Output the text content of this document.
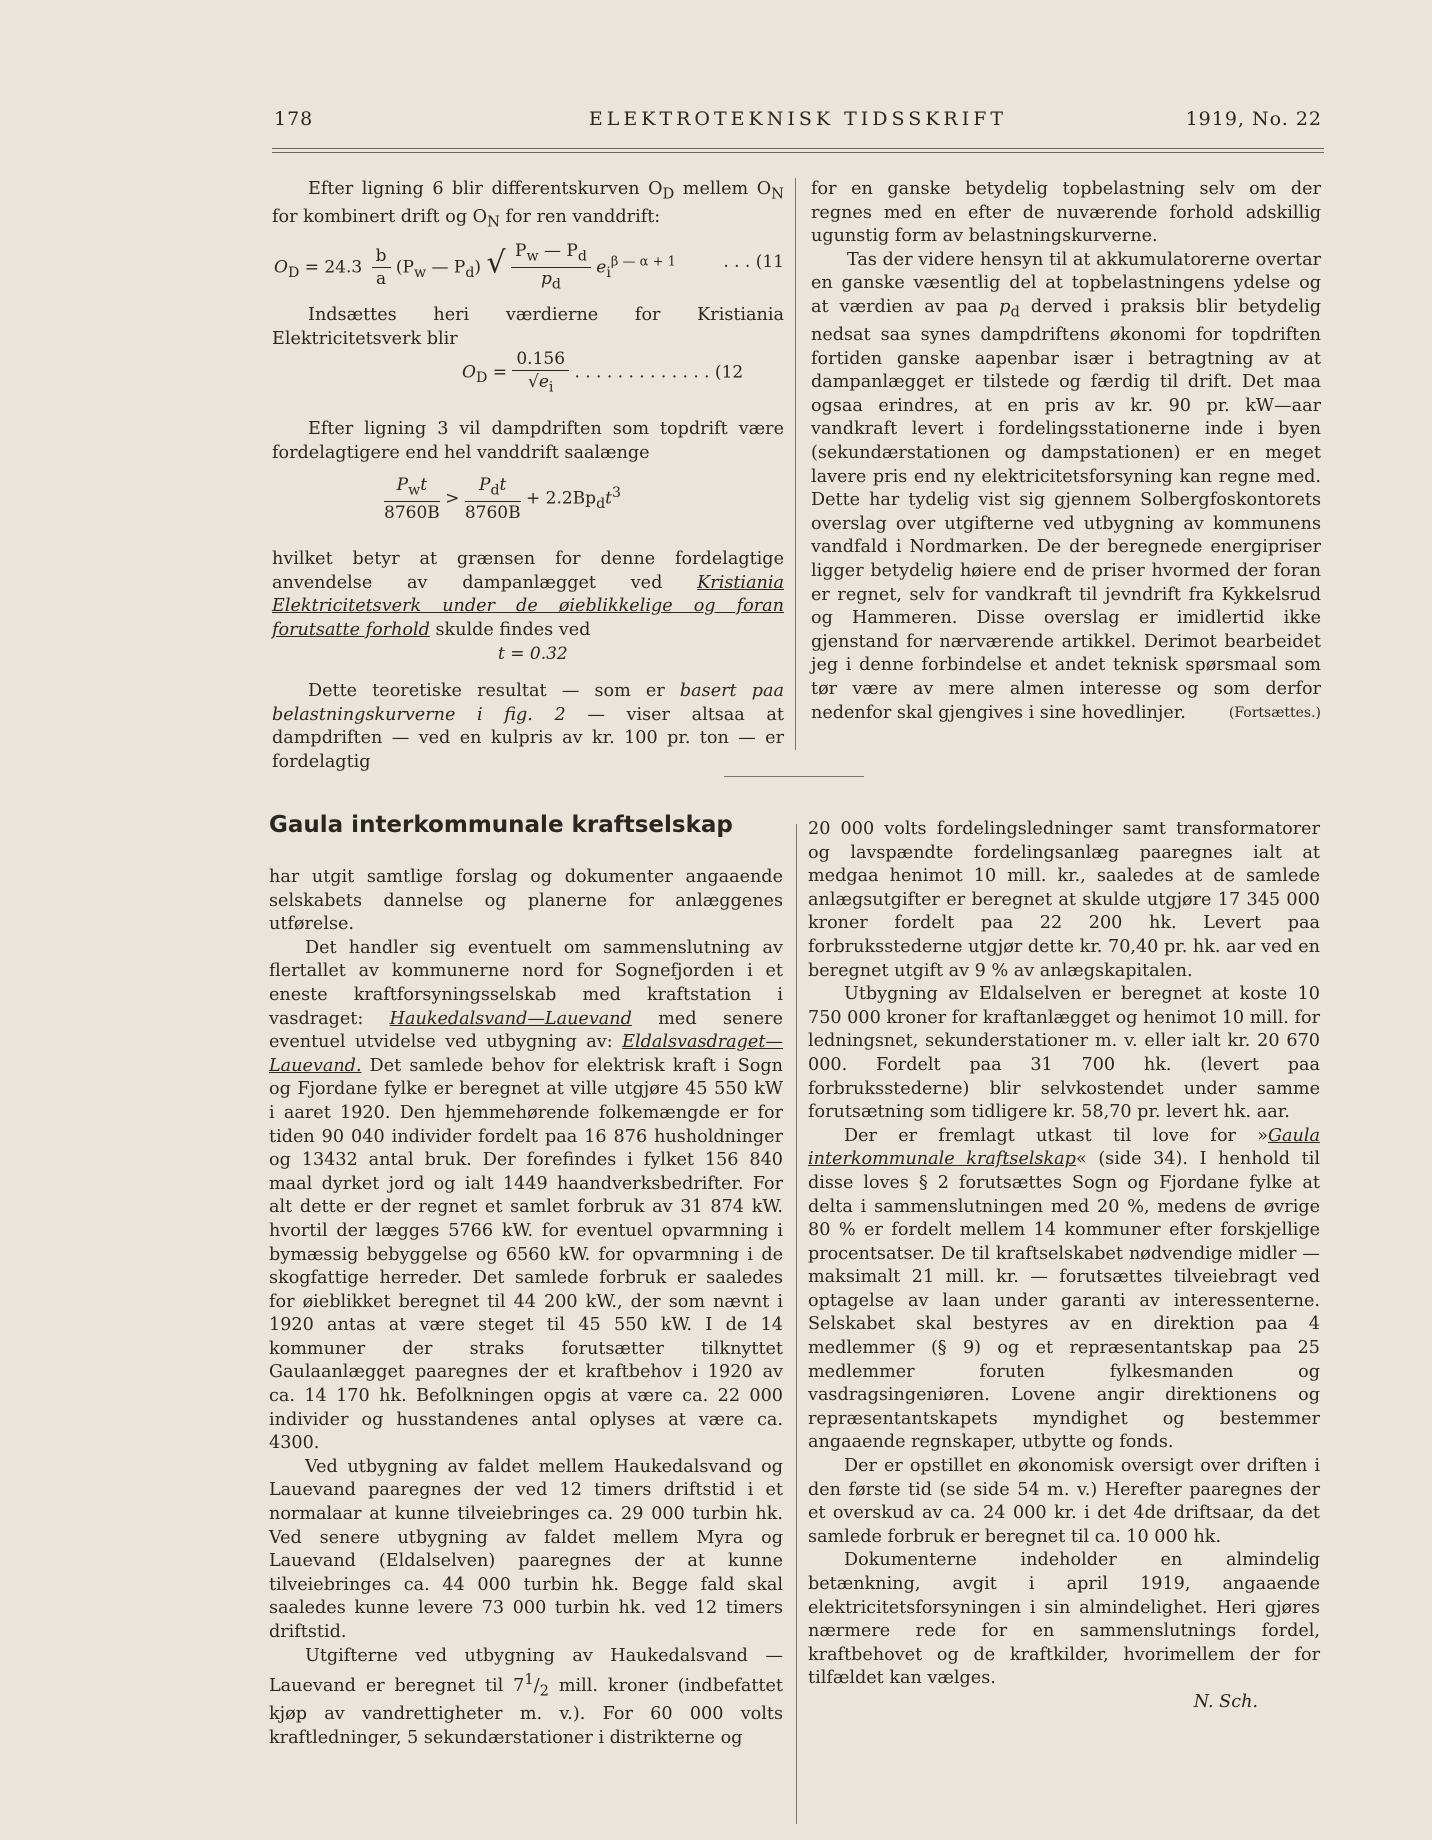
178	ELEKTROTEKNISK TIDSSKRIFT	1919, No. 22

Efter ligning 6 blir differentskurven $O_D$ mellem $O_N$ for kombinert drift og $O_N$ for ren vanddrift:

$O_D = 24.3 \frac{b}{a} (P_w$ — $P_d$) √ $\frac{P_w — P_d}{p_d} e_i^{\beta — \alpha + 1}$	. . . (11

Indsættes heri værdierne for Kristiania Elektricitetsverk blir

$O_D = \frac{0.156}{√e_i}$ . . . . . . . . . . . . . (12

Efter ligning 3 vil dampdriften som topdrift være fordelagtigere end hel vanddrift saalænge

$\frac{P_wt}{8760B} > \frac{P_dt}{8760B} + 2.2Bp_dt^3$

hvilket betyr at grænsen for denne fordelagtige anvendelse av dampanlægget ved Kristiania Elektricitetsverk under de øieblikkelige og foran forutsatte forhold skulde findes ved

t = 0.32

Dette teoretiske resultat — som er basert paa belastningskurverne i fig. 2 — viser altsaa at dampdriften — ved en kulpris av kr. 100 pr. ton — er fordelagtig

for en ganske betydelig topbelastning selv om der regnes med en efter de nuværende forhold adskillig ugunstig form av belastningskurverne.

Tas der videre hensyn til at akkumulatorerne overtar en ganske væsentlig del at topbelastningens ydelse og at værdien av paa $p_d$ derved i praksis blir betydelig nedsat saa synes dampdriftens økonomi for topdriften fortiden ganske aapenbar især i betragtning av at dampanlægget er tilstede og færdig til drift. Det maa ogsaa erindres, at en pris av kr. 90 pr. kW—aar vandkraft levert i fordelingsstationerne inde i byen (sekundærstationen og dampstationen) er en meget lavere pris end ny elektricitetsforsyning kan regne med. Dette har tydelig vist sig gjennem Solbergfoskontorets overslag over utgifterne ved utbygning av kommunens vandfald i Nordmarken. De der beregnede energipriser ligger betydelig høiere end de priser hvormed der foran er regnet, selv for vandkraft til jevndrift fra Kykkelsrud og Hammeren. Disse overslag er imidlertid ikke gjenstand for nærværende artikkel. Derimot bearbeidet jeg i denne forbindelse et andet teknisk spørsmaal som tør være av mere almen interesse og som derfor nedenfor skal gjengives i sine hovedlinjer.	(Fortsættes.)

Gaula interkommunale kraftselskap

har utgit samtlige forslag og dokumenter angaaende selskabets dannelse og planerne for anlæggenes utførelse.

Det handler sig eventuelt om sammenslutning av flertallet av kommunerne nord for Sognefjorden i et eneste kraftforsyningsselskab med kraftstation i vasdraget: Haukedalsvand—Lauevand med senere eventuel utvidelse ved utbygning av: Eldalsvasdraget—Lauevand. Det samlede behov for elektrisk kraft i Sogn og Fjordane fylke er beregnet at ville utgjøre 45 550 kW i aaret 1920. Den hjemmehørende folkemængde er for tiden 90 040 individer fordelt paa 16 876 husholdninger og 13432 antal bruk. Der forefindes i fylket 156 840 maal dyrket jord og ialt 1449 haandverksbedrifter. For alt dette er der regnet et samlet forbruk av 31 874 kW. hvortil der lægges 5766 kW. for eventuel opvarmning i bymæssig bebyggelse og 6560 kW. for opvarmning i de skogfattige herreder. Det samlede forbruk er saaledes for øieblikket beregnet til 44 200 kW., der som nævnt i 1920 antas at være steget til 45 550 kW. I de 14 kommuner der straks forutsætter tilknyttet Gaulaanlægget paaregnes der et kraftbehov i 1920 av ca. 14 170 hk. Befolkningen opgis at være ca. 22 000 individer og husstandenes antal oplyses at være ca. 4300.

Ved utbygning av faldet mellem Haukedalsvand og Lauevand paaregnes der ved 12 timers driftstid i et normalaar at kunne tilveiebringes ca. 29 000 turbin hk. Ved senere utbygning av faldet mellem Myra og Lauevand (Eldalselven) paaregnes der at kunne tilveiebringes ca. 44 000 turbin hk. Begge fald skal saaledes kunne levere 73 000 turbin hk. ved 12 timers driftstid.

Utgifterne ved utbygning av Haukedalsvand — Lauevand er beregnet til $7^1/_2$ mill. kroner (indbefattet kjøp av vandrettigheter m. v.). For 60 000 volts kraftledninger, 5 sekundærstationer i distrikterne og

20 000 volts fordelingsledninger samt transformatorer og lavspændte fordelingsanlæg paaregnes ialt at medgaa henimot 10 mill. kr., saaledes at de samlede anlægsutgifter er beregnet at skulde utgjøre 17 345 000 kroner fordelt paa 22 200 hk. Levert paa forbruksstederne utgjør dette kr. 70,40 pr. hk. aar ved en beregnet utgift av 9 % av anlægskapitalen.

Utbygning av Eldalselven er beregnet at koste 10 750 000 kroner for kraftanlægget og henimot 10 mill. for ledningsnet, sekunderstationer m. v. eller ialt kr. 20 670 000. Fordelt paa 31 700 hk. (levert paa forbruksstederne) blir selvkostendet under samme forutsætning som tidligere kr. 58,70 pr. levert hk. aar.

Der er fremlagt utkast til love for »Gaula interkommunale kraftselskap« (side 34). I henhold til disse loves § 2 forutsættes Sogn og Fjordane fylke at delta i sammenslutningen med 20 %, medens de øvrige 80 % er fordelt mellem 14 kommuner efter forskjellige procentsatser. De til kraftselskabet nødvendige midler — maksimalt 21 mill. kr. — forutsættes tilveiebragt ved optagelse av laan under garanti av interessenterne. Selskabet skal bestyres av en direktion paa 4 medlemmer (§ 9) og et repræsentantskap paa 25 medlemmer foruten fylkesmanden og vasdragsingeniøren. Lovene angir direktionens og repræsentantskapets myndighet og bestemmer angaaende regnskaper, utbytte og fonds.

Der er opstillet en økonomisk oversigt over driften i den første tid (se side 54 m. v.) Herefter paaregnes der et overskud av ca. 24 000 kr. i det 4de driftsaar, da det samlede forbruk er beregnet til ca. 10 000 hk.

Dokumenterne indeholder en almindelig betænkning, avgit i april 1919, angaaende elektricitetsforsyningen i sin almindelighet. Heri gjøres nærmere rede for en sammenslutnings fordel, kraftbehovet og de kraftkilder, hvorimellem der for tilfældet kan vælges.

N. Sch.
